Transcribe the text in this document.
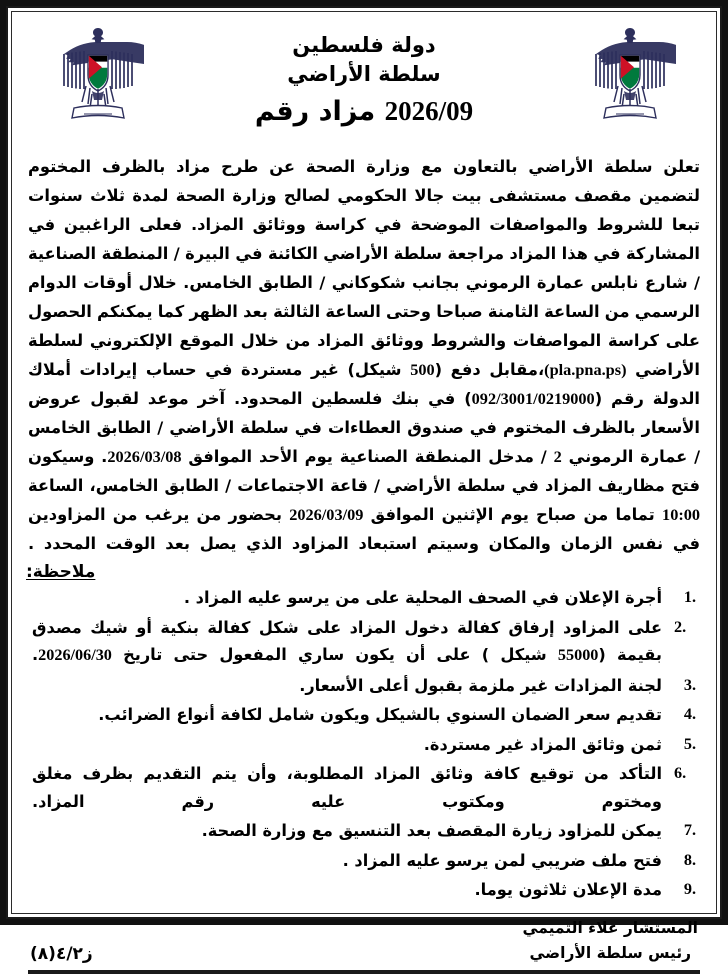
دولة فلسطين
سلطة الأراضي
2026/09 مزاد رقم
تعلن سلطة الأراضي بالتعاون مع وزارة الصحة عن طرح مزاد بالظرف المختوم لتضمين مقصف مستشفى بيت جالا الحكومي لصالح وزارة الصحة لمدة ثلاث سنوات تبعا للشروط والمواصفات الموضحة في كراسة ووثائق المزاد. فعلى الراغبين في المشاركة في هذا المزاد مراجعة سلطة الأراضي الكائنة في البيرة / المنطقة الصناعية / شارع نابلس عمارة الرموني بجانب شكوكاني / الطابق الخامس. خلال أوقات الدوام الرسمي من الساعة الثامنة صباحا وحتى الساعة الثالثة بعد الظهر كما يمكنكم الحصول على كراسة المواصفات والشروط ووثائق المزاد من خلال الموقع الإلكتروني لسلطة الأراضي (pla.pna.ps)،مقابل دفع (500 شيكل) غير مستردة في حساب إيرادات أملاك الدولة رقم (092/3001/0219000) في بنك فلسطين المحدود. آخر موعد لقبول عروض الأسعار بالظرف المختوم في صندوق العطاءات في سلطة الأراضي / الطابق الخامس / عمارة الرموني 2 / مدخل المنطقة الصناعية يوم الأحد الموافق 2026/03/08. وسيكون فتح مظاريف المزاد في سلطة الأراضي / قاعة الاجتماعات / الطابق الخامس، الساعة 10:00 تماما من صباح يوم الإثنين الموافق 2026/03/09 بحضور من يرغب من المزاودين في نفس الزمان والمكان وسيتم استبعاد المزاود الذي يصل بعد الوقت المحدد .
ملاحظة:
أجرة الإعلان في الصحف المحلية على من يرسو عليه المزاد .
على المزاود إرفاق كفالة دخول المزاد على شكل كفالة بنكية أو شيك مصدق بقيمة (55000 شيكل ) على أن يكون ساري المفعول حتى تاريخ 2026/06/30.
لجنة المزادات غير ملزمة بقبول أعلى الأسعار.
تقديم سعر الضمان السنوي بالشيكل ويكون شامل لكافة أنواع الضرائب.
ثمن وثائق المزاد غير مستردة.
التأكد من توقيع كافة وثائق المزاد المطلوبة، وأن يتم التقديم بظرف مغلق ومختوم ومكتوب عليه رقم المزاد.
يمكن للمزاود زيارة المقصف بعد التنسيق مع وزارة الصحة.
فتح ملف ضريبي لمن يرسو عليه المزاد .
مدة الإعلان ثلاثون يوما.
المستشار علاء التميمي
رئيس سلطة الأراضي
ز٤/٢(٨)
